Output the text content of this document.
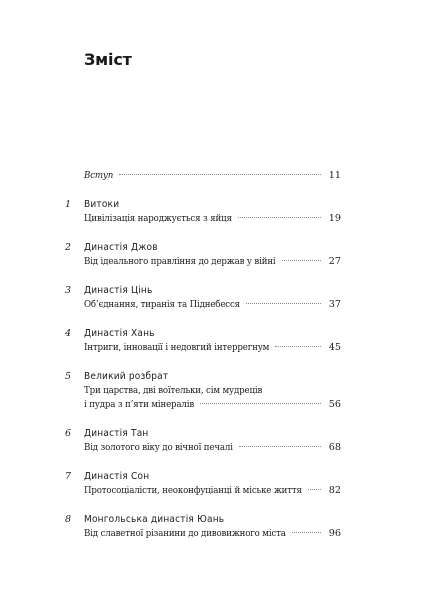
Зміст
Вступ	11
1	Витоки
Цивілізація народжується з яйця	19
2	Династія Джов
Від ідеального правління до держав у війні	27
3	Династія Цінь
Об’єднання, тиранія та Піднебесся	37
4	Династія Хань
Інтриги, інновації і недовгий інтеррегнум	45
5	Великий розбрат
Три царства, дві воїтельки, сім мудреців
і пудра з п’яти мінералів	56
6	Династія Тан
Від золотого віку до вічної печалі	68
7	Династія Сон
Протосоціалісти, неоконфуціанці й міське життя	82
8	Монгольська династія Юань
Від славетної різанини до дивовижного міста	96
